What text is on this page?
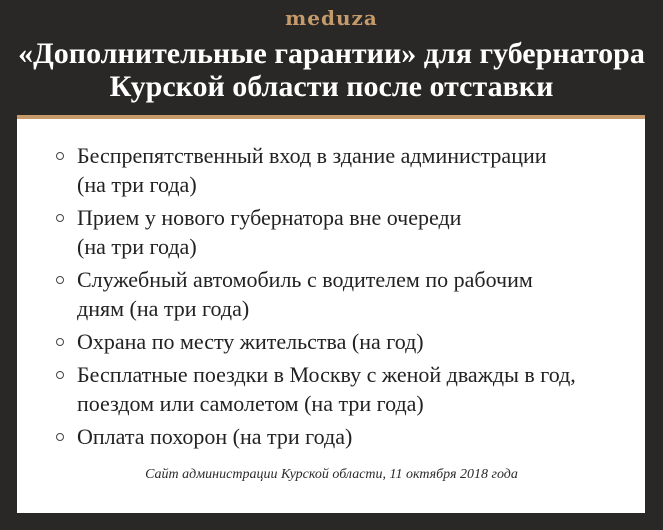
meduza
«Дополнительные гарантии» для губернатора
Курской области после отставки
Беспрепятственный вход в здание администрации
(на три года)
Прием у нового губернатора вне очереди
(на три года)
Служебный автомобиль с водителем по рабочим
дням (на три года)
Охрана по месту жительства (на год)
Бесплатные поездки в Москву с женой дважды в год,
поездом или самолетом (на три года)
Оплата похорон (на три года)
Сайт администрации Курской области, 11 октября 2018 года
